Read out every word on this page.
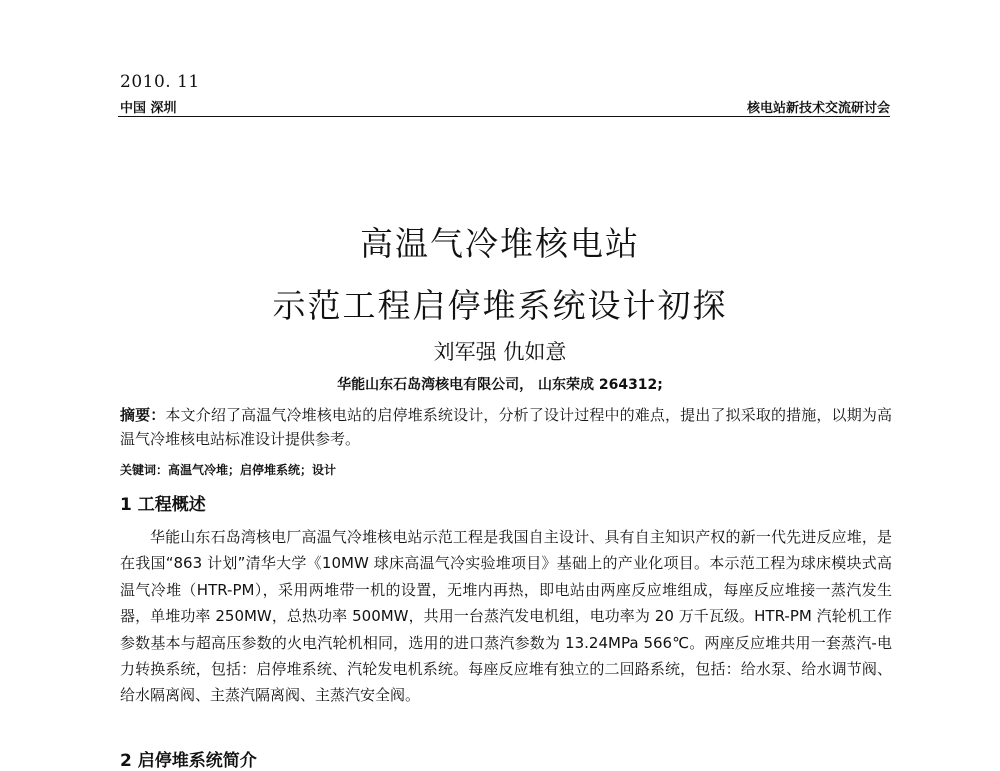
2010. 11
中国 深圳	核电站新技术交流研讨会
高温气冷堆核电站
示范工程启停堆系统设计初探
刘军强 仇如意
华能山东石岛湾核电有限公司， 山东荣成 264312;
摘要：本文介绍了高温气冷堆核电站的启停堆系统设计，分析了设计过程中的难点，提出了拟采取的措施，以期为高温气冷堆核电站标准设计提供参考。
关键词：高温气冷堆；启停堆系统；设计
1 工程概述
华能山东石岛湾核电厂高温气冷堆核电站示范工程是我国自主设计、具有自主知识产权的新一代先进反应堆，是在我国“863 计划”清华大学《10MW 球床高温气冷实验堆项目》基础上的产业化项目。本示范工程为球床模块式高温气冷堆（HTR-PM），采用两堆带一机的设置，无堆内再热，即电站由两座反应堆组成，每座反应堆接一蒸汽发生器，单堆功率 250MW，总热功率 500MW，共用一台蒸汽发电机组，电功率为 20 万千瓦级。HTR-PM 汽轮机工作参数基本与超高压参数的火电汽轮机相同，选用的进口蒸汽参数为 13.24MPa 566℃。两座反应堆共用一套蒸汽-电力转换系统，包括：启停堆系统、汽轮发电机系统。每座反应堆有独立的二回路系统，包括：给水泵、给水调节阀、给水隔离阀、主蒸汽隔离阀、主蒸汽安全阀。
2 启停堆系统简介
